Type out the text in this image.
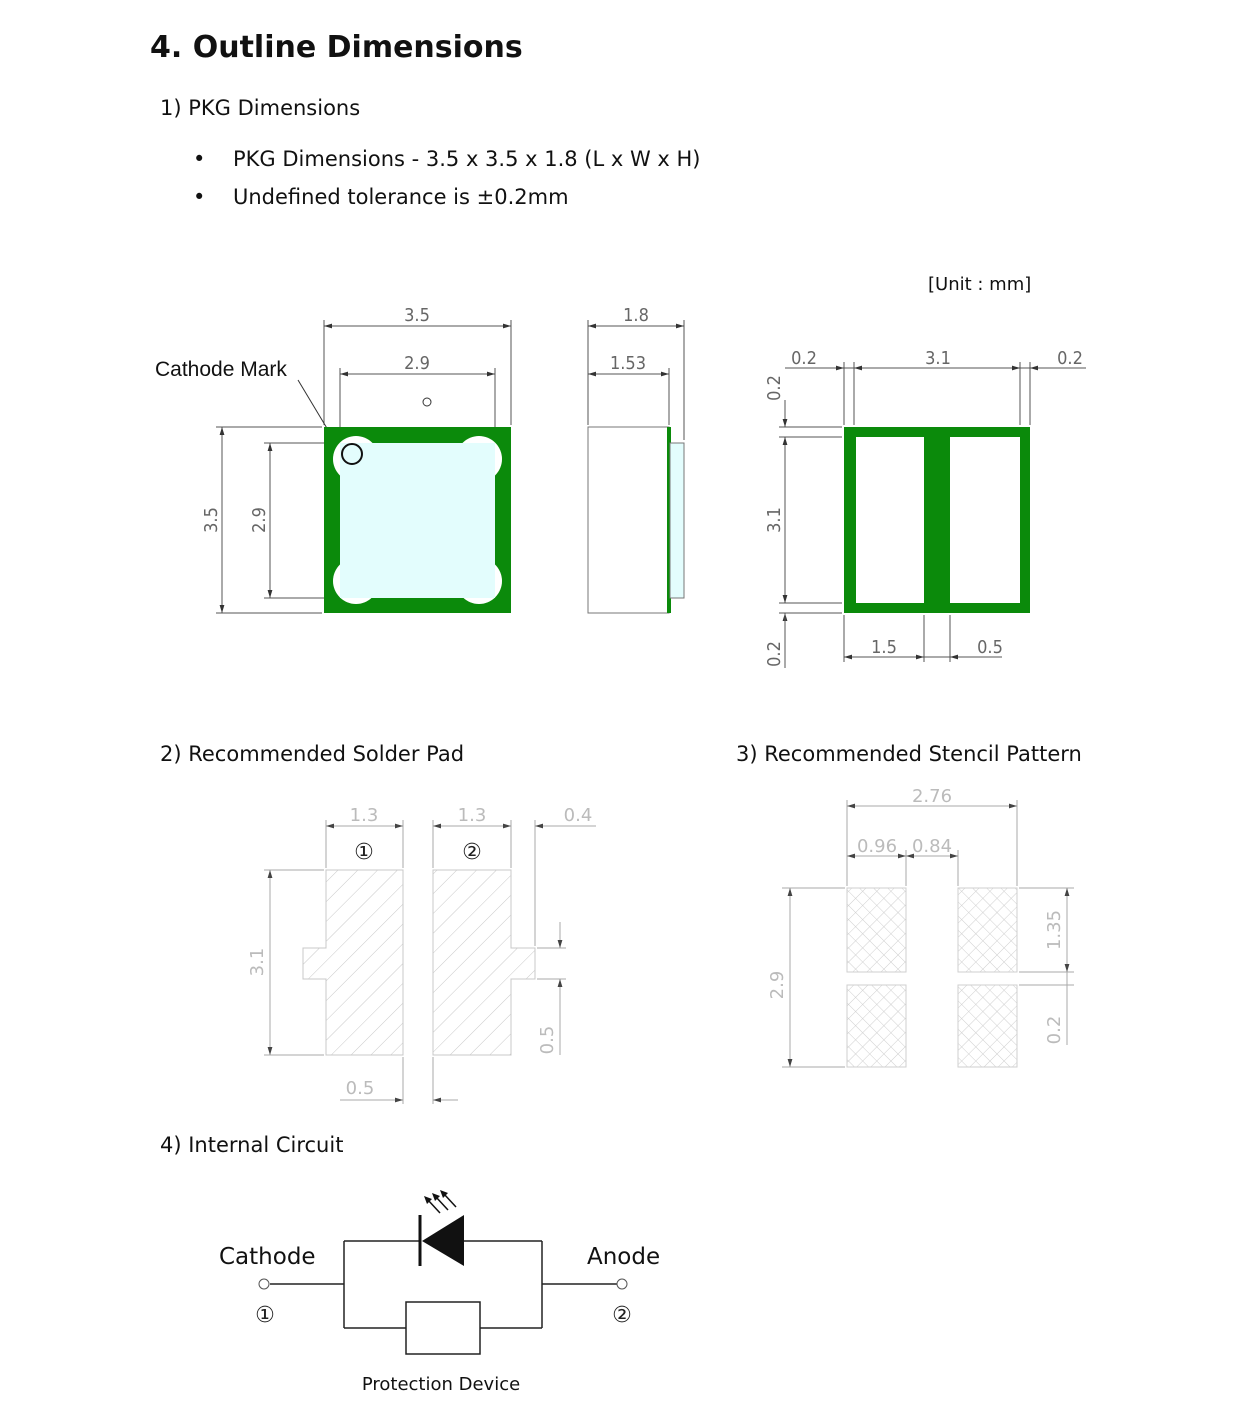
4. Outline Dimensions
1) PKG Dimensions
• PKG Dimensions - 3.5 x 3.5 x 1.8 (L x W x H)
• Undefined tolerance is ±0.2mm
[Unit : mm]
2) Recommended Solder Pad	3) Recommended Stencil Pattern
4) Internal Circuit
Cathode Mark
3.5
2.9
3.5 2.9
1.8
1.53	0.2	3.1	0.2
0.2
3.1
0.2	1.5	0.5
1.3	1.3	0.4
①	②
3.1
0.5
0.5
2.76
0.96 0.84
2.9
1.35
0.2
Cathode	Anode
①	②
Protection Device
